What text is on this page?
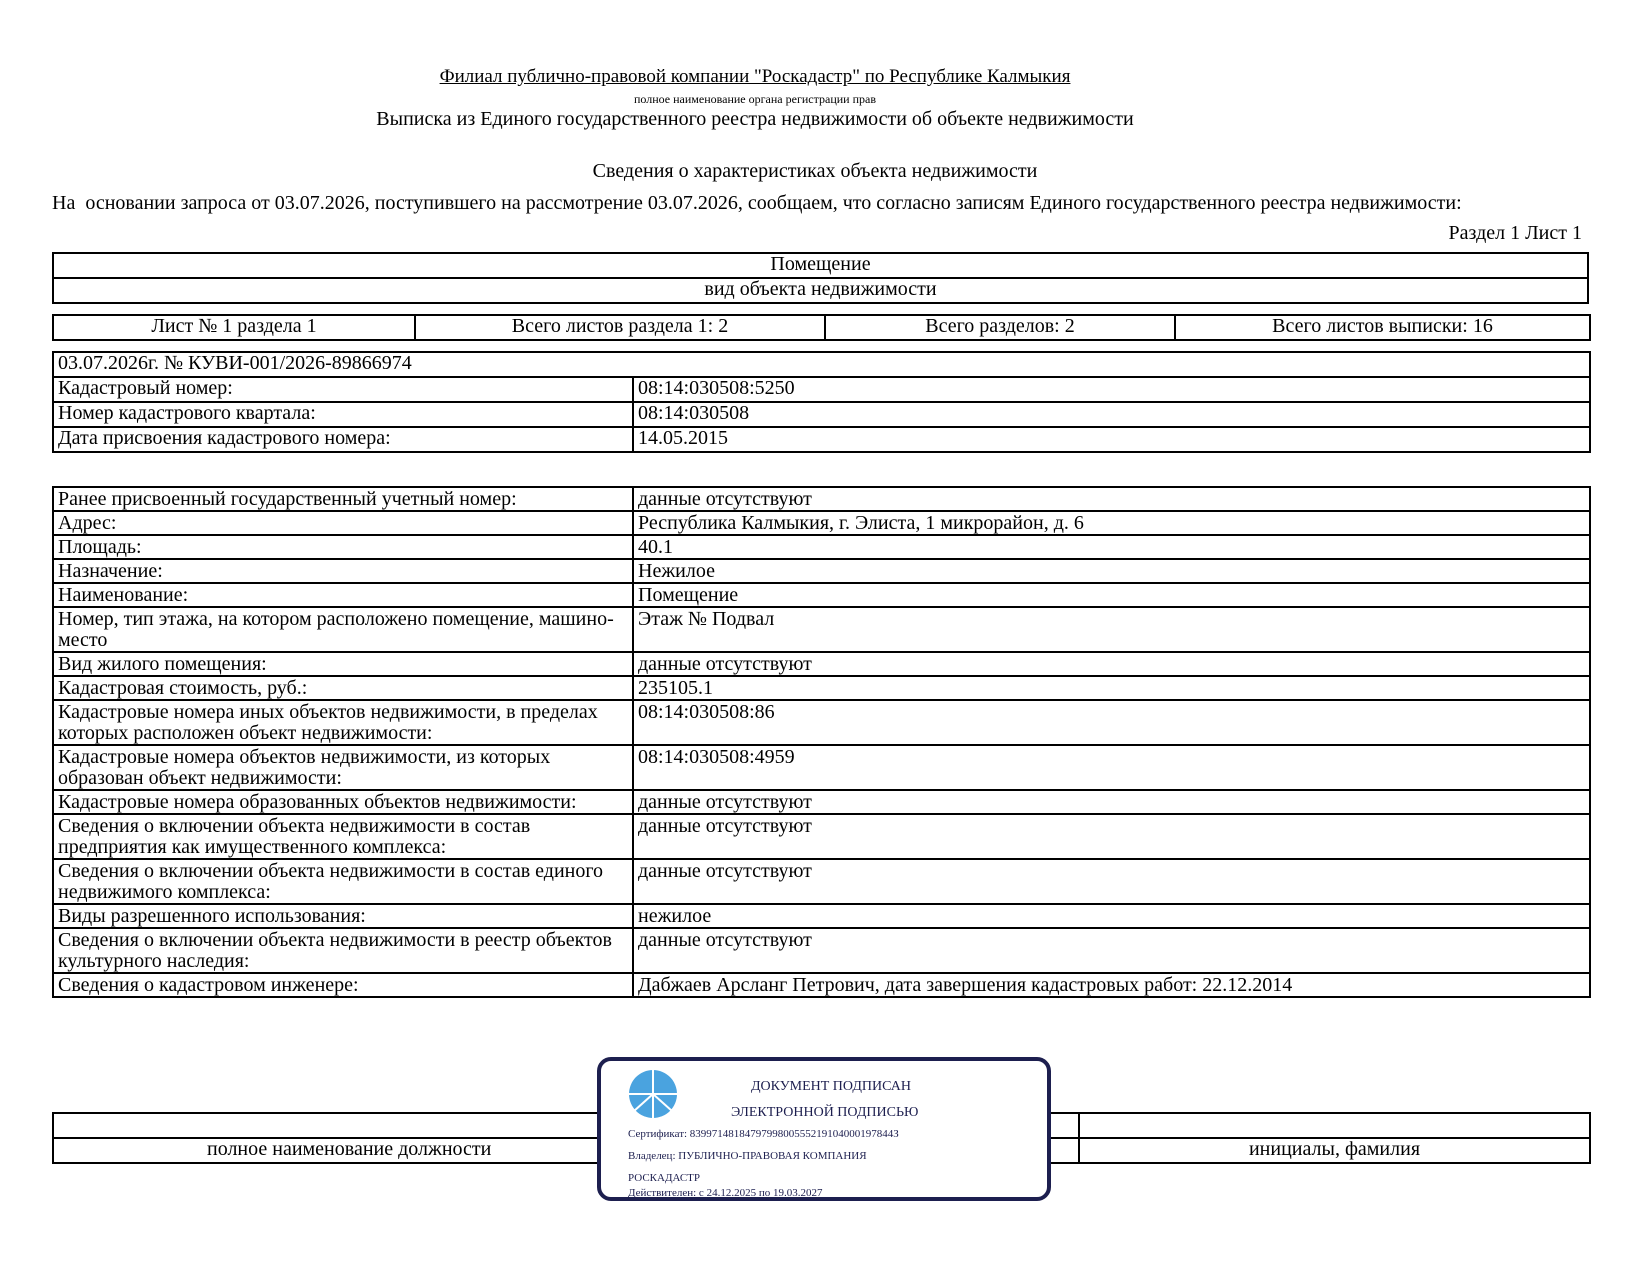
Филиал публично-правовой компании "Роскадастр" по Республике Калмыкия
полное наименование органа регистрации прав
Выписка из Единого государственного реестра недвижимости об объекте недвижимости
Сведения о характеристиках объекта недвижимости
На  основании запроса от 03.07.2026, поступившего на рассмотрение 03.07.2026, сообщаем, что согласно записям Единого государственного реестра недвижимости:
Раздел 1 Лист 1
Помещение
вид объекта недвижимости
Лист № 1 раздела 1	Всего листов раздела 1: 2	Всего разделов: 2	Всего листов выписки: 16
03.07.2026г. № КУВИ-001/2026-89866974	
Кадастровый номер:	08:14:030508:5250
Номер кадастрового квартала:	08:14:030508
Дата присвоения кадастрового номера:	14.05.2015
Ранее присвоенный государственный учетный номер:	данные отсутствуют
Адрес:	Республика Калмыкия, г. Элиста, 1 микрорайон, д. 6
Площадь:	40.1
Назначение:	Нежилое
Наименование:	Помещение
Номер, тип этажа, на котором расположено помещение, машино-место	Этаж № Подвал
Вид жилого помещения:	данные отсутствуют
Кадастровая стоимость, руб.:	235105.1
Кадастровые номера иных объектов недвижимости, в пределах которых расположен объект недвижимости:	08:14:030508:86
Кадастровые номера объектов недвижимости, из которых образован объект недвижимости:	08:14:030508:4959
Кадастровые номера образованных объектов недвижимости:	данные отсутствуют
Сведения о включении объекта недвижимости в состав предприятия как имущественного комплекса:	данные отсутствуют
Сведения о включении объекта недвижимости в состав единого недвижимого комплекса:	данные отсутствуют
Виды разрешенного использования:	нежилое
Сведения о включении объекта недвижимости в реестр объектов культурного наследия:	данные отсутствуют
Сведения о кадастровом инженере:	Дабжаев Арсланг Петрович, дата завершения кадастровых работ: 22.12.2014

полное наименование должности	инициалы, фамилия
ДОКУМЕНТ ПОДПИСАН
ЭЛЕКТРОННОЙ ПОДПИСЬЮ
Сертификат: 8399714818479799800555219104000197844З
Владелец: ПУБЛИЧНО-ПРАВОВАЯ КОМПАНИЯ
РОСКАДАСТР
Действителен: с 24.12.2025 по 19.03.2027
